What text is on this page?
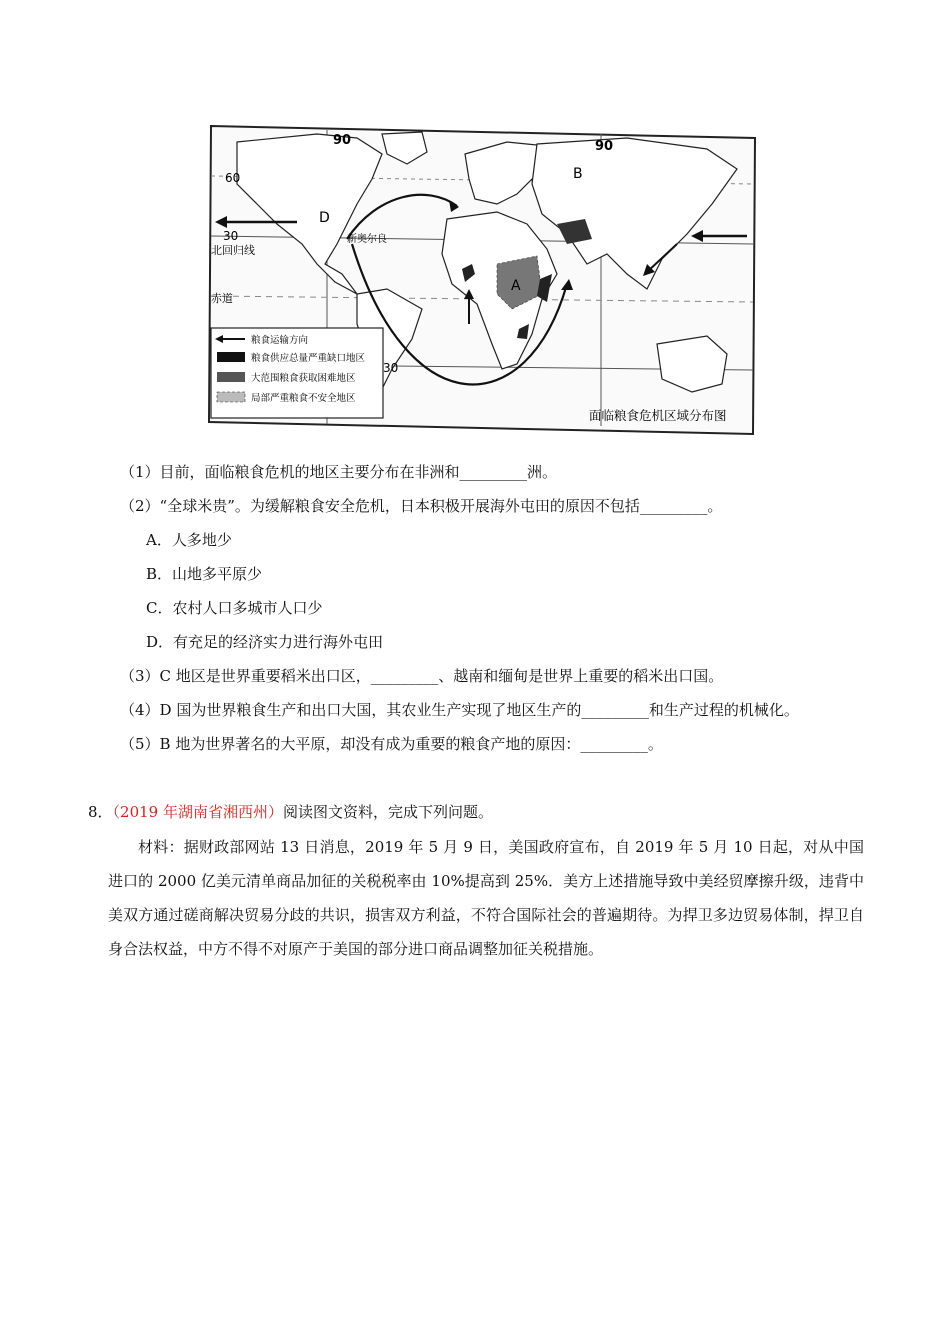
90	90
60
30
北回归线
赤道
30
A
B
D
新奥尔良
粮食运输方向
粮食供应总量严重缺口地区
大范围粮食获取困难地区
局部严重粮食不安全地区
面临粮食危机区域分布图
（1）目前，面临粮食危机的地区主要分布在非洲和_________洲。
（2）“全球米贵”。为缓解粮食安全危机，日本积极开展海外屯田的原因不包括_________。
A．人多地少
B．山地多平原少
C．农村人口多城市人口少
D．有充足的经济实力进行海外屯田
（3）C 地区是世界重要稻米出口区，_________、越南和缅甸是世界上重要的稻米出口国。
（4）D 国为世界粮食生产和出口大国，其农业生产实现了地区生产的_________和生产过程的机械化。
（5）B 地为世界著名的大平原，却没有成为重要的粮食产地的原因：_________。
8．（2019 年湖南省湘西州）阅读图文资料，完成下列问题。
材料：据财政部网站 13 日消息，2019 年 5 月 9 日，美国政府宣布，自 2019 年 5 月 10 日起，对从中国进口的 2000 亿美元清单商品加征的关税税率由 10%提高到 25%．美方上述措施导致中美经贸摩擦升级，违背中美双方通过磋商解决贸易分歧的共识，损害双方利益，不符合国际社会的普遍期待。为捍卫多边贸易体制，捍卫自身合法权益，中方不得不对原产于美国的部分进口商品调整加征关税措施。
